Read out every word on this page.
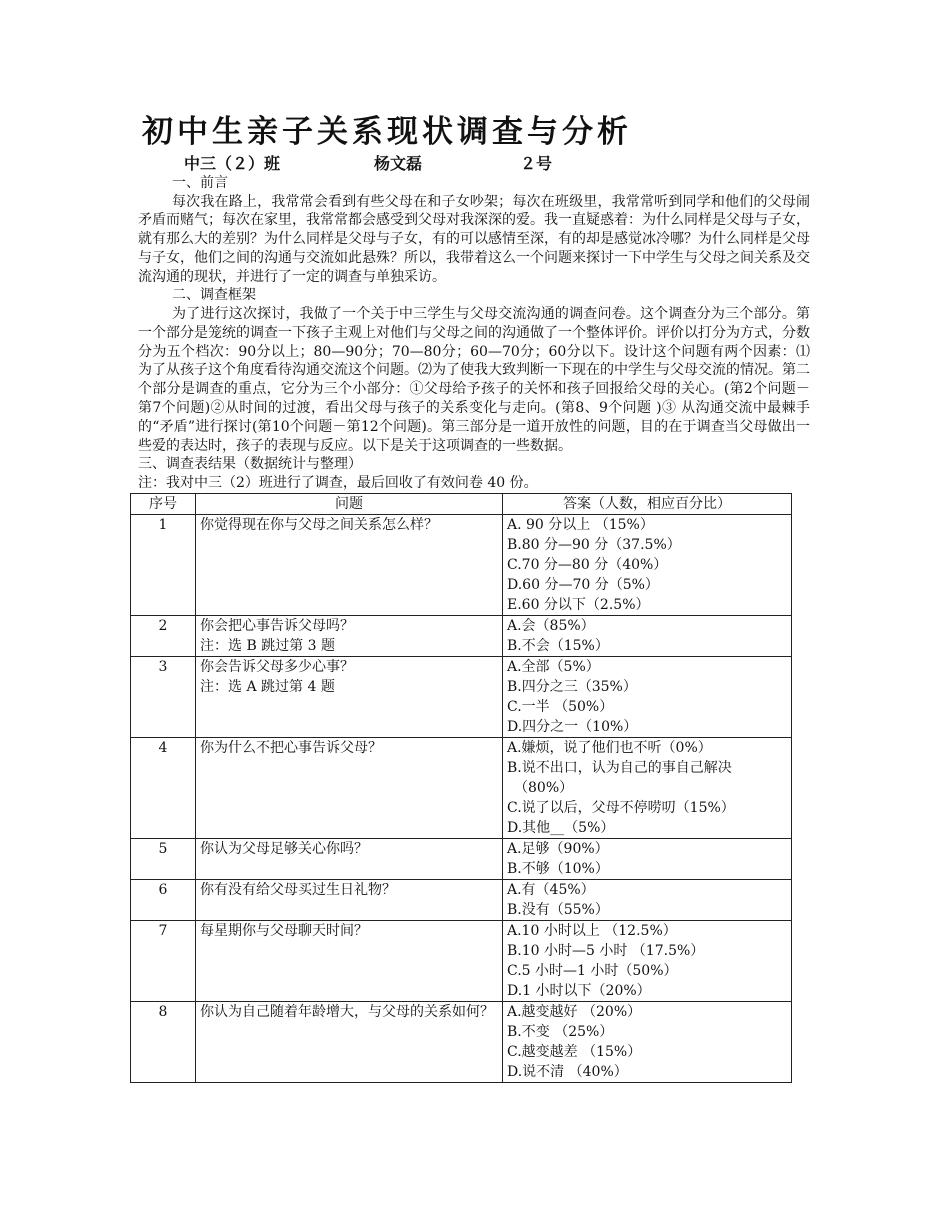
初中生亲子关系现状调查与分析
中三（２）班	杨文磊	２号
一、前言
每次我在路上，我常常会看到有些父母在和子女吵架；每次在班级里，我常常听到同学和他们的父母闹矛盾而赌气；每次在家里，我常常都会感受到父母对我深深的爱。我一直疑惑着：为什么同样是父母与子女，就有那么大的差别？为什么同样是父母与子女，有的可以感情至深，有的却是感觉冰冷哪？为什么同样是父母与子女，他们之间的沟通与交流如此悬殊？所以，我带着这么一个问题来探讨一下中学生与父母之间关系及交流沟通的现状，并进行了一定的调查与单独采访。
二、调查框架
为了进行这次探讨，我做了一个关于中三学生与父母交流沟通的调查问卷。这个调查分为三个部分。第一个部分是笼统的调查一下孩子主观上对他们与父母之间的沟通做了一个整体评价。评价以打分为方式，分数分为五个档次：90分以上；80—90分；70—80分；60—70分；60分以下。设计这个问题有两个因素：⑴为了从孩子这个角度看待沟通交流这个问题。⑵为了使我大致判断一下现在的中学生与父母交流的情况。第二个部分是调查的重点，它分为三个小部分：①父母给予孩子的关怀和孩子回报给父母的关心。(第2个问题－第7个问题)②从时间的过渡，看出父母与孩子的关系变化与走向。(第8、9个问题 )③ 从沟通交流中最棘手的“矛盾”进行探讨(第10个问题－第12个问题)。第三部分是一道开放性的问题，目的在于调查当父母做出一些爱的表达时，孩子的表现与反应。以下是关于这项调查的一些数据。
三、调查表结果（数据统计与整理）
注：我对中三（2）班进行了调查，最后回收了有效问卷 40 份。
序号	问题	答案（人数，相应百分比）
1	你觉得现在你与父母之间关系怎么样？	A. 90 分以上 （15%）
B.80 分—90 分（37.5%）
C.70 分—80 分（40%）
D.60 分—70 分（5%）
E.60 分以下（2.5%）

2	你会把心事告诉父母吗？
注：选 B 跳过第 3 题	A.会（85%）
B.不会（15%）

3	你会告诉父母多少心事？
注：选 A 跳过第 4 题	A.全部（5%）
B.四分之三（35%）
C.一半 （50%）
D.四分之一（10%）

4	你为什么不把心事告诉父母？	A.嫌烦，说了他们也不听（0%）
B.说不出口，认为自己的事自己解决
（80%）
C.说了以后，父母不停唠叨（15%）
D.其他__（5%）

5	你认为父母足够关心你吗？	A.足够（90%）
B.不够（10%）

6	你有没有给父母买过生日礼物？	A.有（45%）
B.没有（55%）

7	每星期你与父母聊天时间？	A.10 小时以上 （12.5%）
B.10 小时—5 小时 （17.5%）
C.5 小时—1 小时（50%）
D.1 小时以下（20%）

8	你认为自己随着年龄增大，与父母的关系如何？	A.越变越好 （20%）
B.不变 （25%）
C.越变越差 （15%）
D.说不清 （40%）
